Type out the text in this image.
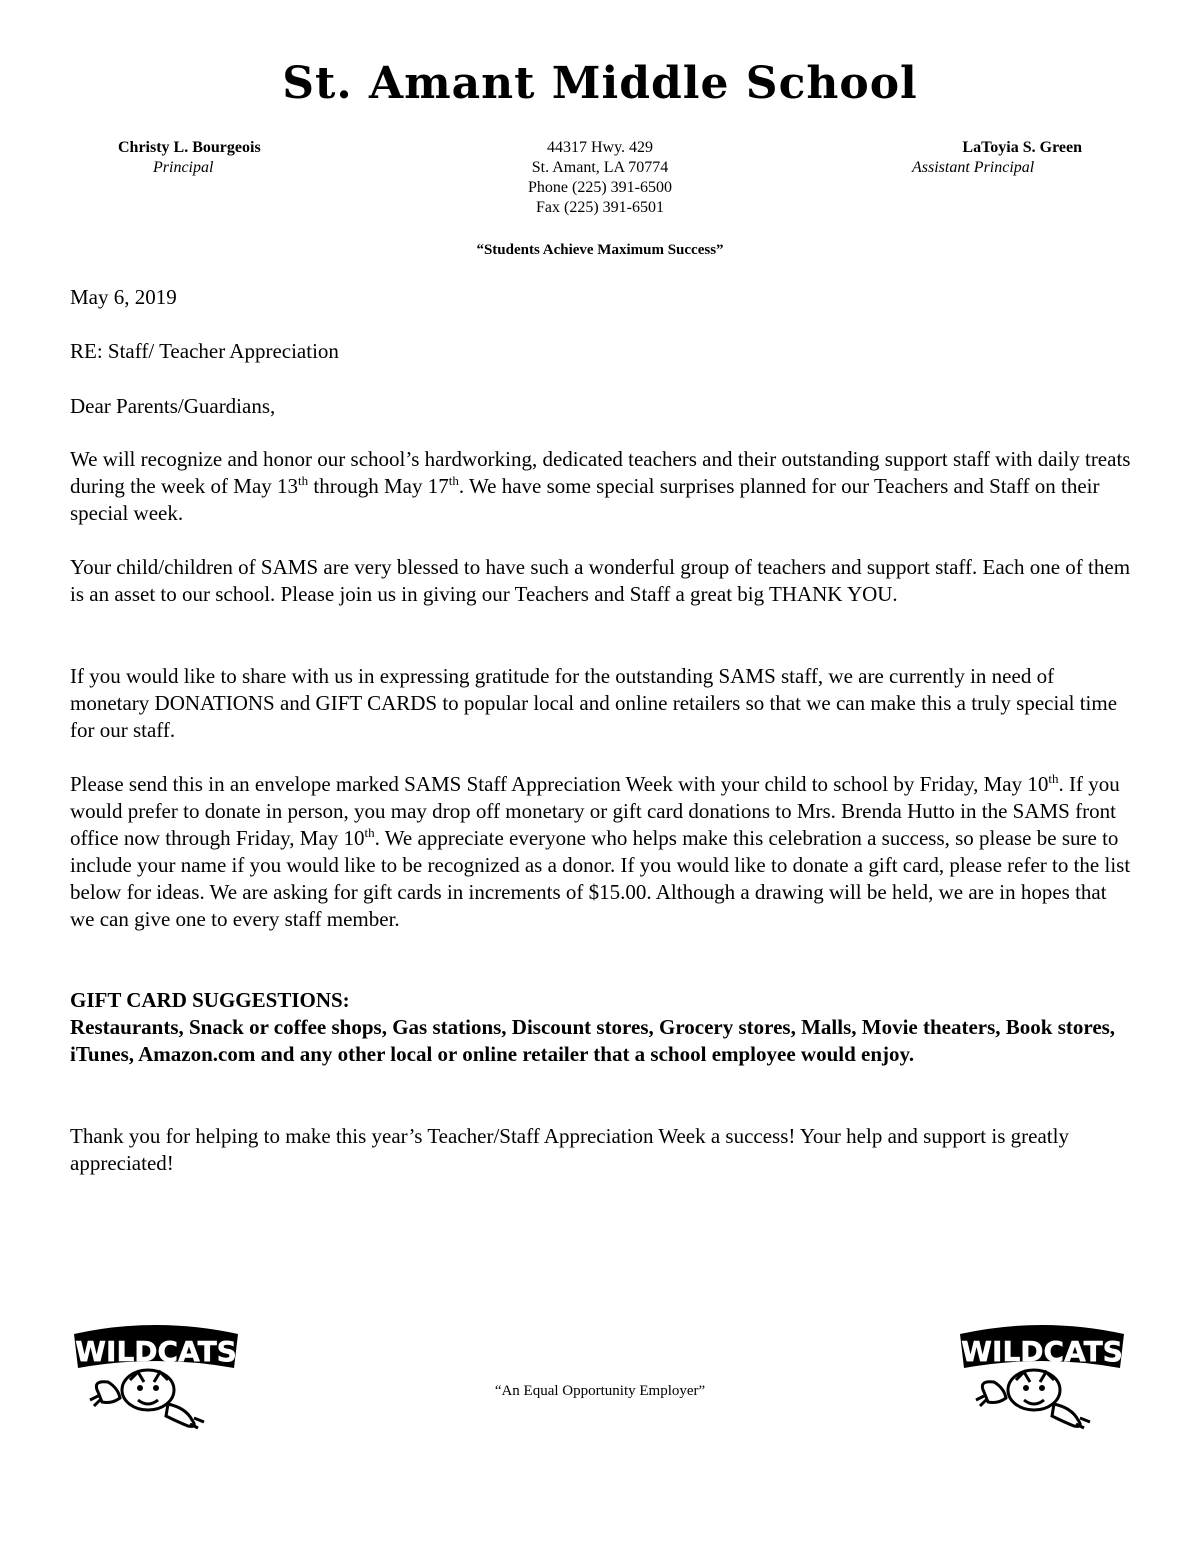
St. Amant Middle School
Christy L. Bourgeois
Principal
44317 Hwy. 429
St. Amant, LA 70774
Phone (225) 391-6500
Fax (225) 391-6501
LaToyia S. Green
Assistant Principal
“Students Achieve Maximum Success”

May 6, 2019

RE: Staff/ Teacher Appreciation

Dear Parents/Guardians,

We will recognize and honor our school’s hardworking, dedicated teachers and their outstanding support staff with daily treats during the week of May 13th through May 17th. We have some special surprises planned for our Teachers and Staff on their special week.

Your child/children of SAMS are very blessed to have such a wonderful group of teachers and support staff. Each one of them is an asset to our school. Please join us in giving our Teachers and Staff a great big THANK YOU.

If you would like to share with us in expressing gratitude for the outstanding SAMS staff, we are currently in need of monetary DONATIONS and GIFT CARDS to popular local and online retailers so that we can make this a truly special time for our staff.

Please send this in an envelope marked SAMS Staff Appreciation Week with your child to school by Friday, May 10th. If you would prefer to donate in person, you may drop off monetary or gift card donations to Mrs. Brenda Hutto in the SAMS front office now through Friday, May 10th. We appreciate everyone who helps make this celebration a success, so please be sure to include your name if you would like to be recognized as a donor. If you would like to donate a gift card, please refer to the list below for ideas. We are asking for gift cards in increments of $15.00. Although a drawing will be held, we are in hopes that we can give one to every staff member.

GIFT CARD SUGGESTIONS:

Restaurants, Snack or coffee shops, Gas stations, Discount stores, Grocery stores, Malls, Movie theaters, Book stores, iTunes, Amazon.com and any other local or online retailer that a school employee would enjoy.

Thank you for helping to make this year’s Teacher/Staff Appreciation Week a success! Your help and support is greatly appreciated!

WILDCATS
“An Equal Opportunity Employer”
WILDCATS
